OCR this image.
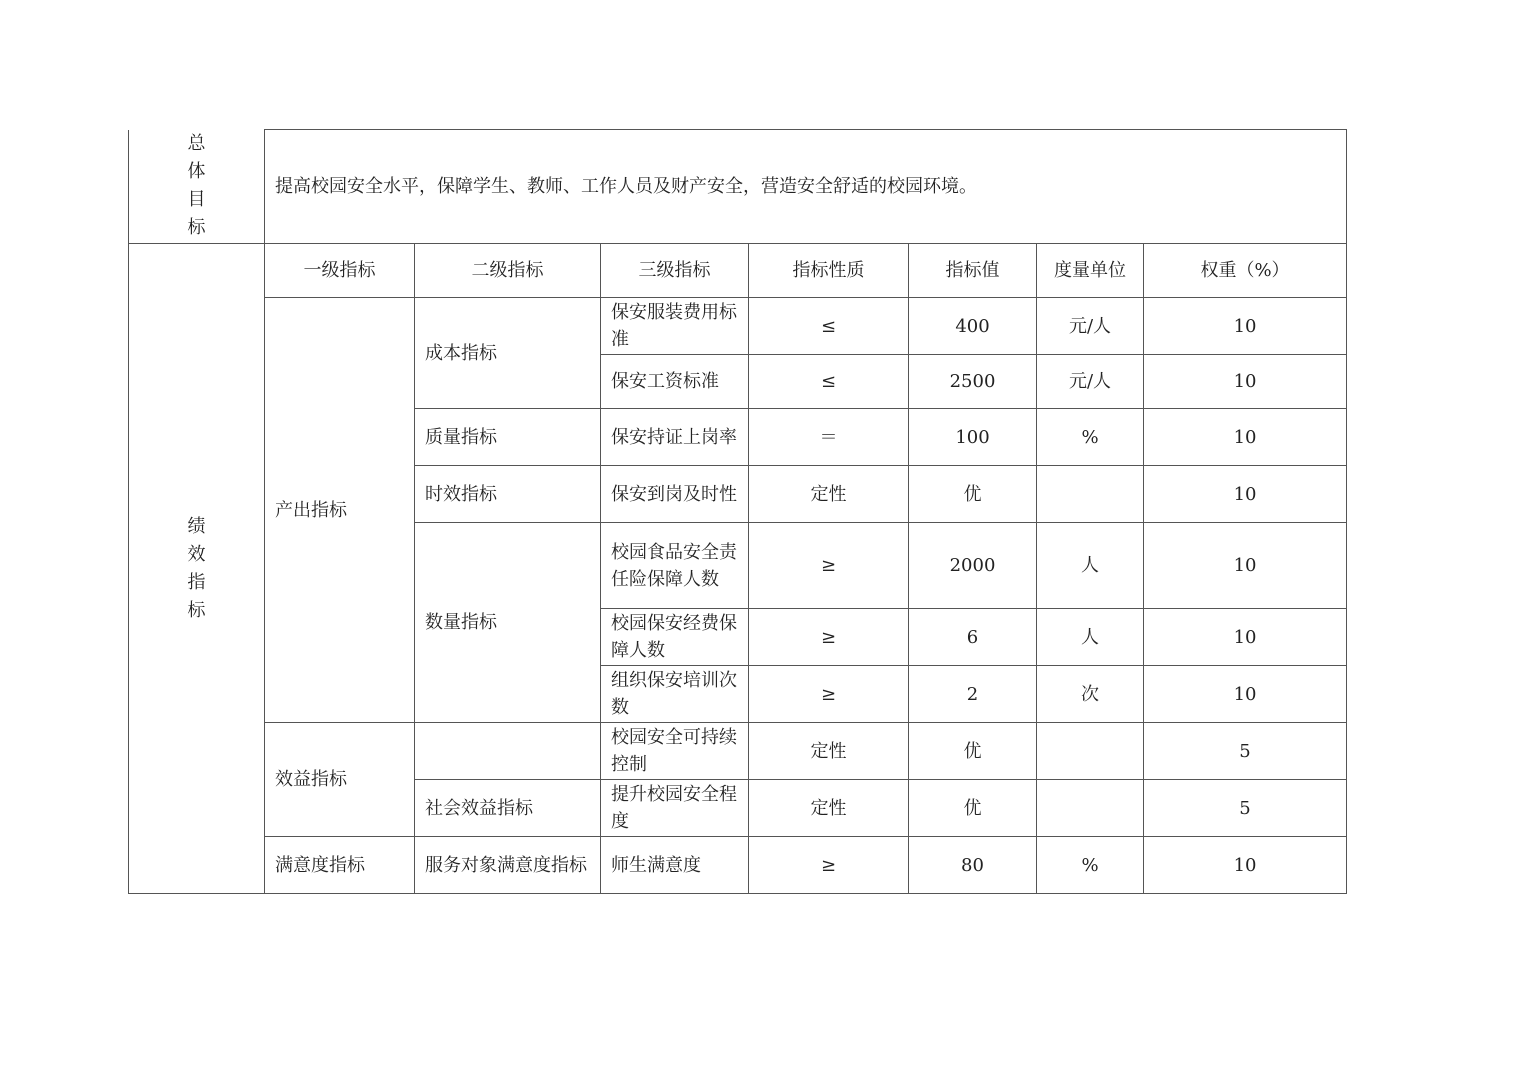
总
体
目
标	提高校园安全水平，保障学生、教师、工作人员及财产安全，营造安全舒适的校园环境。						

绩
效
指
标	一级指标	二级指标	三级指标	指标性质	指标值	度量单位	权重（%）
	产出指标	成本指标	保安服装费用标准	≤	400	元/人	10
			保安工资标准	≤	2500	元/人	10
		质量指标	保安持证上岗率	＝	100	%	10
		时效指标	保安到岗及时性	定性	优		10
		数量指标	校园食品安全责任险保障人数	≥	2000	人	10
			校园保安经费保障人数	≥	6	人	10
			组织保安培训次数	≥	2	次	10
	效益指标		校园安全可持续控制	定性	优		5
		社会效益指标	提升校园安全程度	定性	优		5
	满意度指标	服务对象满意度指标	师生满意度	≥	80	%	10
